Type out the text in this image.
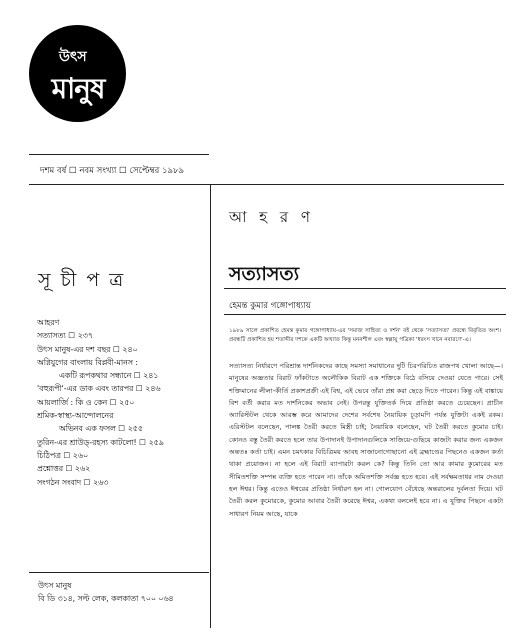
উৎস
মানুষ
দশম বর্ষ ☐ নবম সংখ্যা ☐ সেপ্টেম্বর ১৯৮৯
সূ চী প ত্র
আহরণ
সত্যাসত্য ☐ ২৩৭
উৎস মানুষ-এর দশ বছর ☐ ২৪০
অগ্নিযুগের বাংলায় বিপ্লবী-মানস :
একটি রূপকথার সন্ধানে ☐ ২৪১
'বহুরূপী'-এর ডাক এবং তারপর ☐ ২৪৬
আয়লার্জি : কি ও কেন ☐ ২৫০
শ্রমিক-স্বাস্থ্য-আন্দোলনের
অভিনব এক ফসল ☐ ২৫৫
তুরিন-এর শ্রাউড্-রহস্য কাটলো! ☐ ২৫৯
চিঠিপত্র ☐ ২৬০
প্রশ্নোত্তর ☐ ২৬২
সংগঠন সংবাদ ☐ ২৬৩
উৎস মানুষ
বি ডি ৩১৪, সল্ট লেক, কলকাতা ৭০০ ০৬৪
আ হ র ণ
সত্যাসত্য
হেমন্ত কুমার গঙ্গোপাধ্যায়
১৯৮৯ সালে প্রকাশিত হেমন্ত কুমার গঙ্গোপাধ্যায়-এর 'সমাজ সাহিত্য ও দর্শন' বই থেকে 'সত্যাসত্য' প্রবন্ধে বিবৃতিত অংশ। প্রবন্ধটি প্রকাশিত হয় শতাব্দীর দশকে একটি অখ্যাত কিন্তু মননশীল এবং স্বল্পায়ু পত্রিকা 'ধরংস খানে নবারণে'-এ।
সত্যাসত্য নির্ধারণে পরিশ্রান্ত দার্শনিকদের কাছে সমস্যা সমাধানের দুটি চিরপরিচিত রাজপথ খোলা আছে—। মানুষের অজ্ঞতার বিরাট ফাঁকটাতে অলৌকিক বিরাট এক শক্তিকে বিঠে বসিয়ে দেওয়া যেতে পারে। সেই শক্তিমানের লীলা-কীর্তি প্রকাশপ্রক্রী এই বিশ্ব, এই ভেবে তাঁরা প্রশ্ন করা ছেড়ে দিতে পারেন। কিন্তু এই বাঙ্কায়ে বিশ বর্তী করার মত দার্শনিকের অভাব নেই। উপরন্তু যুক্তিতর্ক দিয়ে প্রতিষ্ঠা করতে চেয়েছেন। প্রাচীন অ্যারিস্টটল থেকে আরম্ভ করে আমাদের দেশের সর্বশেষ নৈয়ায়িক চূড়ামণি পর্যন্ত যুক্তিটা একই রকম। এরিস্টটল বলেছেন, পালঙ্ক তৈরী করতে মিস্ত্রী চাই; নৈয়ায়িক বলেছেন, ঘট তৈরী করতে কুমোর চাই। কোনও বস্তু তৈরী করতে হলে তার উপাদানই উপাদানগুলিকে সাজিয়ে-গুছিয়ে কাজটা করার জন্য একজন অন্ততঃ কর্তা চাই। এমন চমৎকার বিচিত্রিময় আবহ সাজানোগোছানো এই ব্রহ্মাণ্ডের পিছনেও একজন কর্তা থাকা প্রয়োজন। না হলে এই বিরাট ব্যাপারটা করল কে? কিন্তু তিনি তো আর কামার কুমোরের মত সীমিতশক্তি সম্পন্ন ব্যক্তি হতে পারেন না। তাঁকে অমিতশক্তি সর্বজ্ঞ হতে হবে। এই সর্বক্ষমতাধর নাম দেওয়া হল ঈশ্বর। কিন্তু এতেও ঈশ্বরের প্রতিষ্ঠা নির্ধারণ হল না। গোলযোগ বেঁধেছে অন্তরালের দুর্বলতা দিয়ে। ঘট তৈরী করল কুমোরকে, কুমোর আবার তৈরী করেছে ঈশ্বর, একথা বললেই হবে না। এ যুক্তির পিছনে একটা সাধারণ নিয়ম আছে, যাকে
